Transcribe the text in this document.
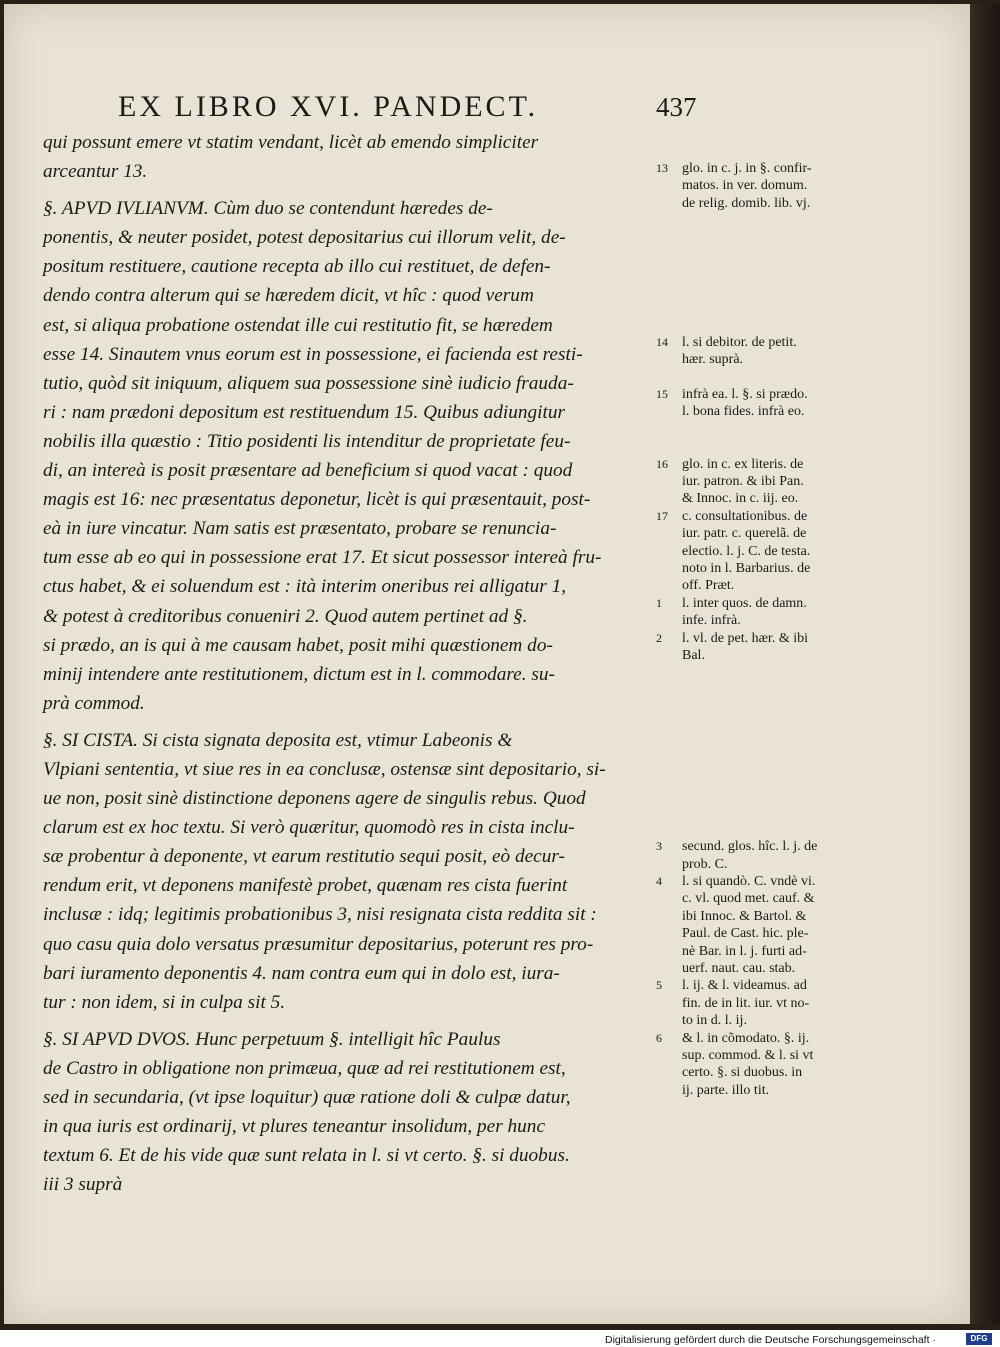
EX LIBRO XVI. PANDECT.	437
qui possunt emere vt statim vendant, licèt ab emendo simpliciter
arceantur 13.
§. APVD IVLIANVM. Cùm duo se contendunt hæredes de-
ponentis, & neuter posidet, potest depositarius cui illorum velit, de-
positum restituere, cautione recepta ab illo cui restituet, de defen-
dendo contra alterum qui se hæredem dicit, vt hîc : quod verum
est, si aliqua probatione ostendat ille cui restitutio fit, se hæredem
esse 14. Sinautem vnus eorum est in possessione, ei facienda est resti-
tutio, quòd sit iniquum, aliquem sua possessione sinè iudicio frauda-
ri : nam prædoni depositum est restituendum 15. Quibus adiungitur
nobilis illa quæstio : Titio posidenti lis intenditur de proprietate feu-
di, an intereà is posit præsentare ad beneficium si quod vacat : quod
magis est 16: nec præsentatus deponetur, licèt is qui præsentauit, post-
eà in iure vincatur. Nam satis est præsentato, probare se renuncia-
tum esse ab eo qui in possessione erat 17. Et sicut possessor intereà fru-
ctus habet, & ei soluendum est : ità interim oneribus rei alligatur 1,
& potest à creditoribus conueniri 2. Quod autem pertinet ad §.
si prædo, an is qui à me causam habet, posit mihi quæstionem do-
minij intendere ante restitutionem, dictum est in l. commodare. su-
prà commod.
§. SI CISTA. Si cista signata deposita est, vtimur Labeonis &
Vlpiani sententia, vt siue res in ea conclusæ, ostensæ sint depositario, si-
ue non, posit sinè distinctione deponens agere de singulis rebus. Quod
clarum est ex hoc textu. Si verò quæritur, quomodò res in cista inclu-
sæ probentur à deponente, vt earum restitutio sequi posit, eò decur-
rendum erit, vt deponens manifestè probet, quænam res cista fuerint
inclusæ : idq; legitimis probationibus 3, nisi resignata cista reddita sit :
quo casu quia dolo versatus præsumitur depositarius, poterunt res pro-
bari iuramento deponentis 4. nam contra eum qui in dolo est, iura-
tur : non idem, si in culpa sit 5.
§. SI APVD DVOS. Hunc perpetuum §. intelligit hîc Paulus
de Castro in obligatione non primæua, quæ ad rei restitutionem est,
sed in secundaria, (vt ipse loquitur) quæ ratione doli & culpæ datur,
in qua iuris est ordinarij, vt plures teneantur insolidum, per hunc
textum 6. Et de his vide quæ sunt relata in l. si vt certo. §. si duobus.
iii 3 suprà
13	glo. in c. j. in §. confir-
matos. in ver. domum.
de relig. domib. lib. vj.
14	l. si debitor. de petit.
hær. suprà.
15	infrà ea. l. §. si prædo.
l. bona fides. infrà eo.
16	glo. in c. ex literis. de
iur. patron. & ibi Pan.
& Innoc. in c. iij. eo.
17	c. consultationibus. de
iur. patr. c. querelã. de
electio. l. j. C. de testa.
noto in l. Barbarius. de
off. Præt.
1	l. inter quos. de damn.
infe. infrà.
2	l. vl. de pet. hær. & ibi
Bal.
3	secund. glos. hîc. l. j. de
prob. C.
4	l. si quandò. C. vndè vi.
c. vl. quod met. cauf. &
ibi Innoc. & Bartol. &
Paul. de Cast. hic. ple-
nè Bar. in l. j. furti ad-
uerf. naut. cau. stab.
5	l. ij. & l. videamus. ad
fin. de in lit. iur. vt no-
to in d. l. ij.
6	& l. in cõmodato. §. ij.
sup. commod. & l. si vt
certo. §. si duobus. in
ij. parte. illo tit.
Digitalisierung gefördert durch die Deutsche Forschungsgemeinschaft ·	DFG
